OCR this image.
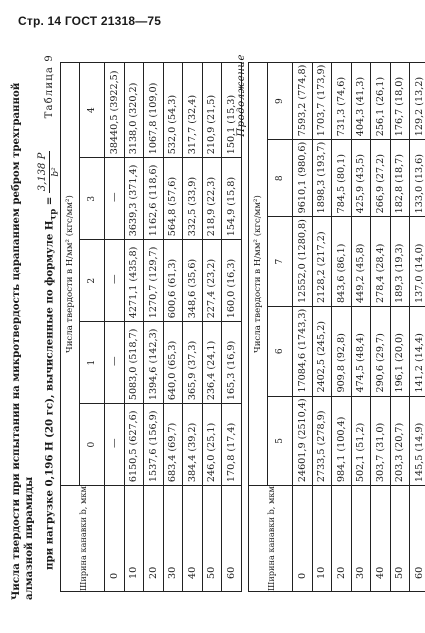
Стр. 14 ГОСТ 21318—75
Числа твердости при испытании на микротвердость царапанием ребром трехгранной алмазной пирамиды при нагрузке 0,196 Н (20 гс), вычисленные по формуле $H_{\tau p}$ =
3,138 P b²
Таблица 9
Ширина канавки b, мкм	Числа твердости в Н/мм² (кгс/мм²)				
	0	1	2	3	4
0	—	—	—	—	38440,5 (3922,5)
10	6150,5 (627,6)	5083,0 (518,7)	4271,1 (435,8)	3639,3 (371,4)	3138,0 (320,2)
20	1537,6 (156,9)	1394,6 (142,3)	1270,7 (129,7)	1162,6 (118,6)	1067,8 (109,0)
30	683,4 (69,7)	640,0 (65,3)	600,6 (61,3)	564,8 (57,6)	532,0 (54,3)
40	384,4 (39,2)	365,9 (37,3)	348,6 (35,6)	332,5 (33,9)	317,7 (32,4)
50	246,0 (25,1)	236,4 (24,1)	227,4 (23,2)	218,9 (22,3)	210,9 (21,5)
60	170,8 (17,4)	165,3 (16,9)	160,0 (16,3)	154,9 (15,8)	150,1 (15,3) Продолжение
Ширина канавки b, мкм	Числа твердости в Н/мм² (кгс/мм²)				
	5	6	7	8	9
0	24601,9 (2510,4)	17084,6 (1743,3)	12552,0 (1280,8)	9610,1 (980,6)	7593,2 (774,8)
10	2733,5 (278,9)	2402,5 (245,2)	2128,2 (217,2)	1898,3 (193,7)	1703,7 (173,9)
20	984,1 (100,4)	909,8 (92,8)	843,6 (86,1)	784,5 (80,1)	731,3 (74,6)
30	502,1 (51,2)	474,5 (48,4)	449,2 (45,8)	425,9 (43,5)	404,3 (41,3)
40	303,7 (31,0)	290,6 (29,7)	278,4 (28,4)	266,9 (27,2)	256,1 (26,1)
50	203,3 (20,7)	196,1 (20,0)	189,3 (19,3)	182,8 (18,7)	176,7 (18,0)
60	145,5 (14,9)	141,2 (14,4)	137,0 (14,0)	133,0 (13,6)	129,2 (13,2)
